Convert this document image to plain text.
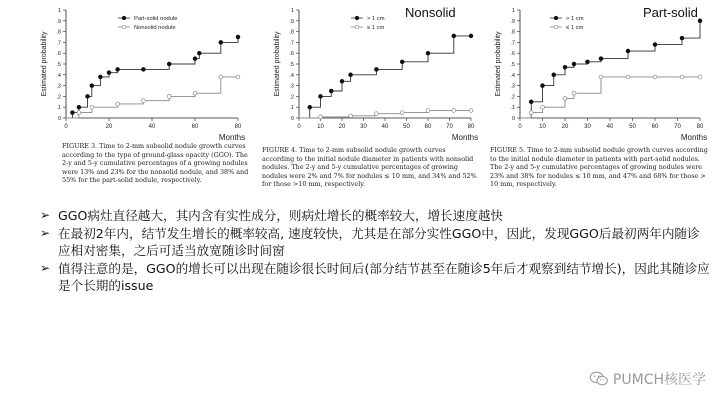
0
.1
.2
.3
.4
.5
.6
.7
.8
.9
1
0	20	40	60	80
Months
Estimated probability
Part-solid nodule
Nonsolid nodule
FIGURE 3. Time to 2-mm subsolid nodule growth curves according to the type of ground-glass opacity (GGO). The 2-y and 5-y cumulative percentages of a growing nodules were 13% and 23% for the nonsolid nodule, and 38% and 55% for the part-solid nodule, respectively.
0
.1
.2
.3
.4
.5
.6
.7
.8
.9
1
0	10 20 30 40 50 60 70 80
Months
Estimated probability
> 1 cm
≤ 1 cm
Nonsolid
FIGURE 4. Time to 2-mm subsolid nodule growth curves according to the initial nodule diameter in patients with nonsolid nodules. The 2-y and 5-y cumulative percentages of growing nodules were 2% and 7% for nodules ≤ 10 mm, and 34% and 52% for those >10 mm, respectively.
0
.1
.2
.3
.4
.5
.6
.7
.8
.9
1
0	10	20	30	40	50	60	70	80
Months
Estimated probability
> 1 cm
≤ 1 cm
Part-solid
FIGURE 5. Time to 2-mm subsolid nodule growth curves according to the initial nodule diameter in patients with part-solid nodules. The 2-y and 5-y cumulative percentages of growing nodules were 23% and 38% for nodules ≤ 10 mm, and 47% and 68% for those > 10 mm, respectively.
➢ GGO病灶直径越大，其内含有实性成分，则病灶增长的概率较大，增长速度越快
➢ 在最初2年内，结节发生增长的概率较高, 速度较快，尤其是在部分实性GGO中，因此，发现GGO后最初两年内随诊应相对密集，之后可适当放宽随诊时间窗
➢ 值得注意的是，GGO的增长可以出现在随诊很长时间后(部分结节甚至在随诊5年后才观察到结节增长)，因此其随诊应是个长期的issue
PUMCH核医学
